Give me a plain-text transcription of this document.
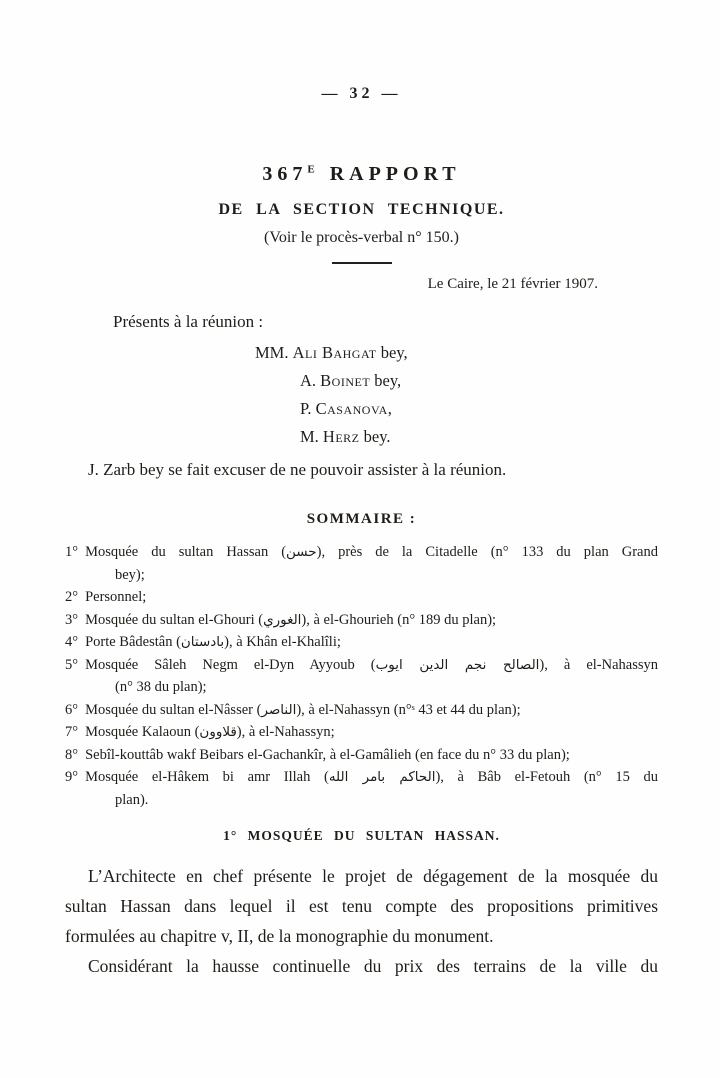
— 32 —
$367^E$ RAPPORT
DE LA SECTION TECHNIQUE.
(Voir le procès-verbal n° 150.)
Le Caire, le 21 février 1907.
Présents à la réunion :
MM. Ali Bahgat bey,
A. Boinet bey,
P. Casanova,
M. Herz bey.
J. Zarb bey se fait excuser de ne pouvoir assister à la réunion.
SOMMAIRE :
1° Mosquée du sultan Hassan (حسن), près de la Citadelle (n° 133 du plan Grand
bey);
2° Personnel;
3° Mosquée du sultan el-Ghouri (الغوري), à el-Ghourieh (n° 189 du plan);
4° Porte Bâdestân (بادستان), à Khân el-Khalîli;
5° Mosquée Sâleh Negm el-Dyn Ayyoub (الصالح نجم الدين ايوب), à el-Nahassyn
(n° 38 du plan);
6° Mosquée du sultan el-Nâsser (الناصر), à el-Nahassyn (n°ˢ 43 et 44 du plan);
7° Mosquée Kalaoun (قلاوون), à el-Nahassyn;
8° Sebîl-kouttâb wakf Beibars el-Gachankîr, à el-Gamâlieh (en face du n° 33 du plan);
9° Mosquée el-Hâkem bi amr Illah (الحاكم بامر الله), à Bâb el-Fetouh (n° 15 du
plan).
1° MOSQUÉE DU SULTAN HASSAN.
L’Architecte en chef présente le projet de dégagement de la mosquée du
sultan Hassan dans lequel il est tenu compte des propositions primitives
formulées au chapitre v, II, de la monographie du monument.
Considérant la hausse continuelle du prix des terrains de la ville du
